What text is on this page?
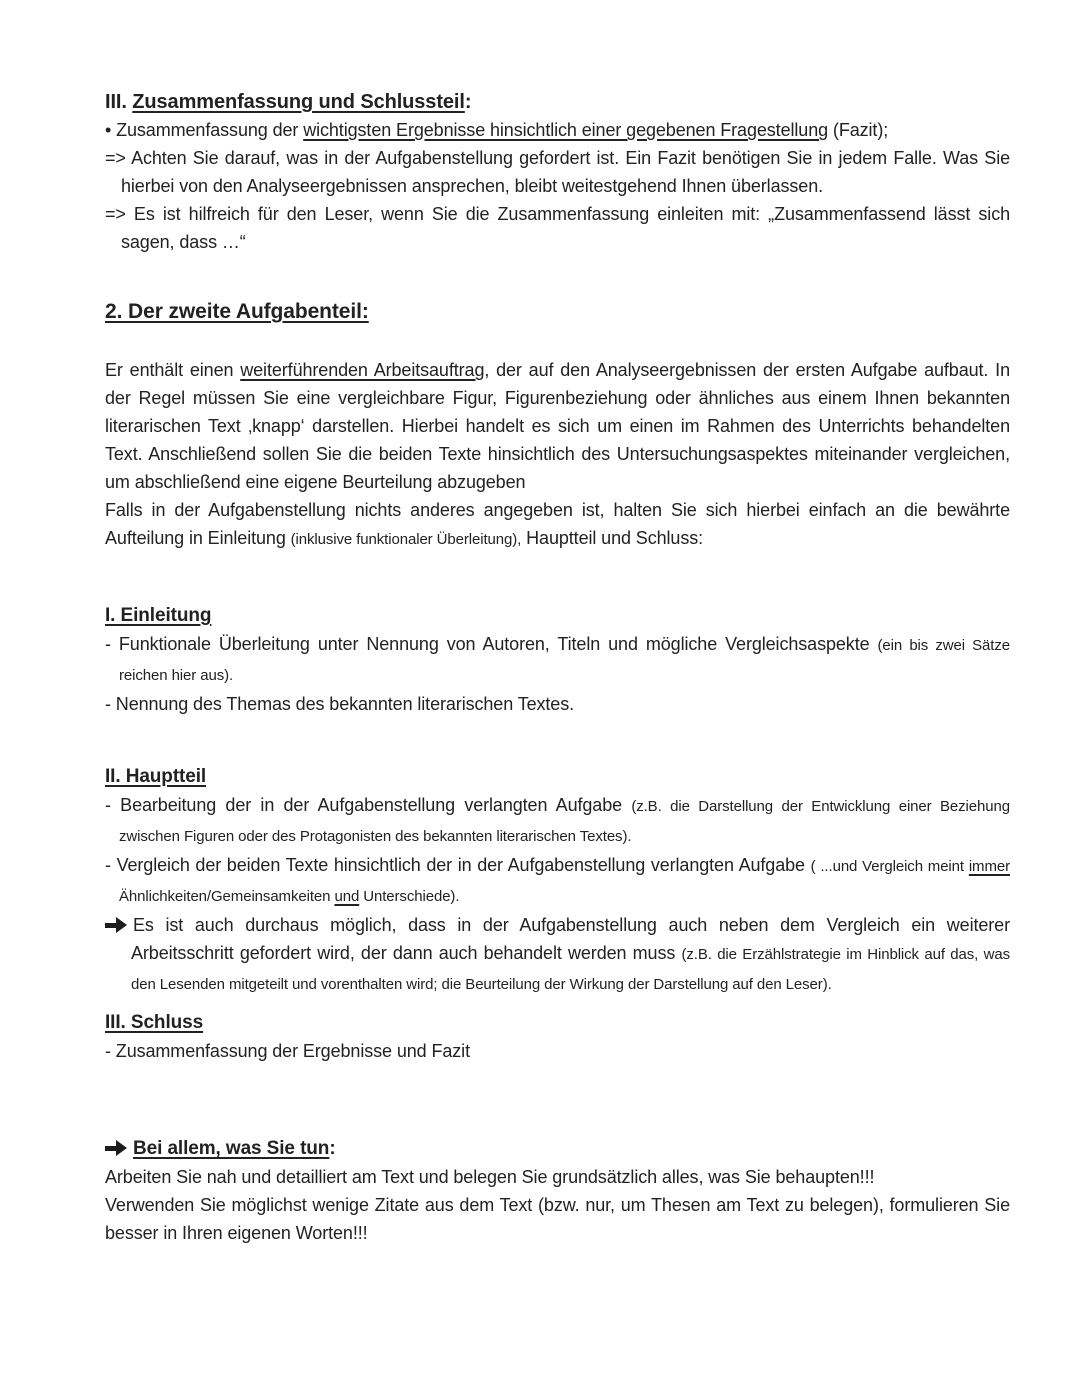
III. Zusammenfassung und Schlussteil:

• Zusammenfassung der wichtigsten Ergebnisse hinsichtlich einer gegebenen Fragestellung (Fazit);

=> Achten Sie darauf, was in der Aufgabenstellung gefordert ist. Ein Fazit benötigen Sie in jedem Falle. Was Sie hierbei von den Analyseergebnissen ansprechen, bleibt weitestgehend Ihnen überlassen.

=> Es ist hilfreich für den Leser, wenn Sie die Zusammenfassung einleiten mit: „Zusammenfassend lässt sich sagen, dass …“

2. Der zweite Aufgabenteil:

Er enthält einen weiterführenden Arbeitsauftrag, der auf den Analyseergebnissen der ersten Aufgabe aufbaut. In der Regel müssen Sie eine vergleichbare Figur, Figurenbeziehung oder ähnliches aus einem Ihnen bekannten literarischen Text ‚knapp‘ darstellen. Hierbei handelt es sich um einen im Rahmen des Unterrichts behandelten Text. Anschließend sollen Sie die beiden Texte hinsichtlich des Untersuchungsaspektes miteinander vergleichen, um abschließend eine eigene Beurteilung abzugeben

Falls in der Aufgabenstellung nichts anderes angegeben ist, halten Sie sich hierbei einfach an die bewährte Aufteilung in Einleitung (inklusive funktionaler Überleitung), Hauptteil und Schluss:

I. Einleitung

- Funktionale Überleitung unter Nennung von Autoren, Titeln und mögliche Vergleichsaspekte (ein bis zwei Sätze reichen hier aus).

- Nennung des Themas des bekannten literarischen Textes.

II. Hauptteil

- Bearbeitung der in der Aufgabenstellung verlangten Aufgabe (z.B. die Darstellung der Entwicklung einer Beziehung zwischen Figuren oder des Protagonisten des bekannten literarischen Textes).

- Vergleich der beiden Texte hinsichtlich der in der Aufgabenstellung verlangten Aufgabe ( ...und Vergleich meint immer Ähnlichkeiten/Gemeinsamkeiten und Unterschiede).

Es ist auch durchaus möglich, dass in der Aufgabenstellung auch neben dem Vergleich ein weiterer Arbeitsschritt gefordert wird, der dann auch behandelt werden muss (z.B. die Erzählstrategie im Hinblick auf das, was den Lesenden mitgeteilt und vorenthalten wird; die Beurteilung der Wirkung der Darstellung auf den Leser).

III. Schluss

- Zusammenfassung der Ergebnisse und Fazit

Bei allem, was Sie tun:

Arbeiten Sie nah und detailliert am Text und belegen Sie grundsätzlich alles, was Sie behaupten!!!

Verwenden Sie möglichst wenige Zitate aus dem Text (bzw. nur, um Thesen am Text zu belegen), formulieren Sie besser in Ihren eigenen Worten!!!
